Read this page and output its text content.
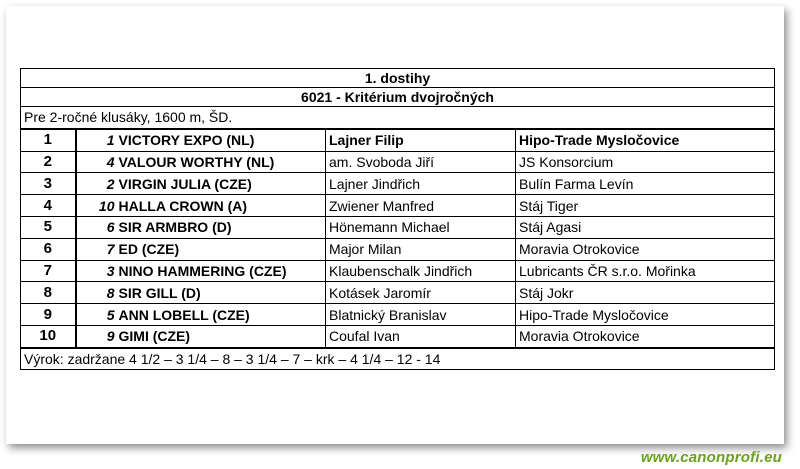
1. dostihy				
6021 - Kritérium dvojročných				
Pre 2-ročné klusáky, 1600 m, ŠD.				
1	1	VICTORY EXPO (NL)	Lajner Filip	Hipo-Trade Mysločovice
2	4	VALOUR WORTHY (NL)	am. Svoboda Jiří	JS Konsorcium
3	2	VIRGIN JULIA (CZE)	Lajner Jindřich	Bulín Farma Levín
4	10	HALLA CROWN (A)	Zwiener Manfred	Stáj Tiger
5	6	SIR ARMBRO (D)	Hönemann Michael	Stáj Agasi
6	7	ED (CZE)	Major Milan	Moravia Otrokovice
7	3	NINO HAMMERING (CZE)	Klaubenschalk Jindřich	Lubricants ČR s.r.o. Mořinka
8	8	SIR GILL (D)	Kotásek Jaromír	Stáj Jokr
9	5	ANN LOBELL (CZE)	Blatnický Branislav	Hipo-Trade Mysločovice
10	9	GIMI (CZE)	Coufal Ivan	Moravia Otrokovice
Výrok: zadržane 4 1/2 – 3 1/4 – 8 – 3 1/4 – 7 – krk – 4 1/4 – 12 - 14				
www.canonprofi.eu
